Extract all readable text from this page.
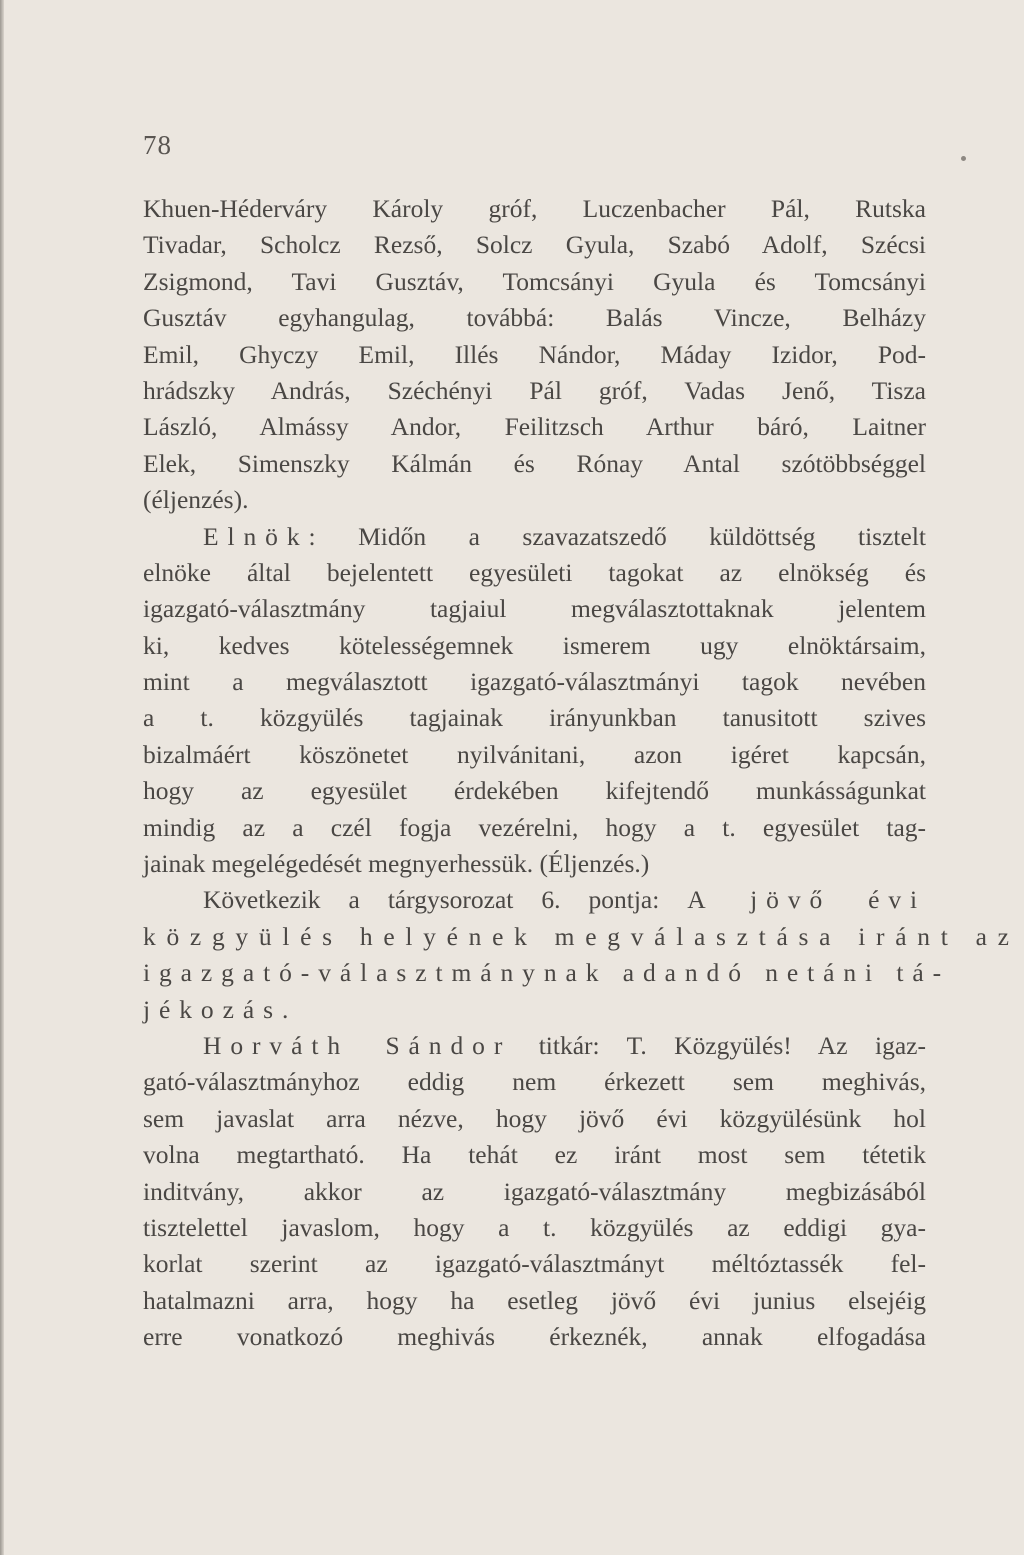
78
Khuen-Héderváry Károly gróf, Luczenbacher Pál, Rutska
Tivadar, Scholcz Rezső, Solcz Gyula, Szabó Adolf, Szécsi
Zsigmond, Tavi Gusztáv, Tomcsányi Gyula és Tomcsányi
Gusztáv egyhangulag, továbbá: Balás Vincze, Belházy
Emil, Ghyczy Emil, Illés Nándor, Máday Izidor, Pod-
hrádszky András, Széchényi Pál gróf, Vadas Jenő, Tisza
László, Almássy Andor, Feilitzsch Arthur báró, Laitner
Elek, Simenszky Kálmán és Rónay Antal szótöbbséggel
(éljenzés).
Elnök: Midőn a szavazatszedő küldöttség tisztelt
elnöke által bejelentett egyesületi tagokat az elnökség és
igazgató-választmány tagjaiul megválasztottaknak jelentem
ki, kedves kötelességemnek ismerem ugy elnöktársaim,
mint a megválasztott igazgató-választmányi tagok nevében
a t. közgyülés tagjainak irányunkban tanusitott szives
bizalmáért köszönetet nyilvánitani, azon igéret kapcsán,
hogy az egyesület érdekében kifejtendő munkásságunkat
mindig az a czél fogja vezérelni, hogy a t. egyesület tag-
jainak megelégedését megnyerhessük. (Éljenzés.)
Következik a tárgysorozat 6. pontja: A jövő évi
közgyülés helyének megválasztása iránt az
igazgató-választmánynak adandó netáni tá-
jékozás.
Horváth Sándor titkár: T. Közgyülés! Az igaz-
gató-választmányhoz eddig nem érkezett sem meghivás,
sem javaslat arra nézve, hogy jövő évi közgyülésünk hol
volna megtartható. Ha tehát ez iránt most sem tétetik
inditvány, akkor az igazgató-választmány megbizásából
tisztelettel javaslom, hogy a t. közgyülés az eddigi gya-
korlat szerint az igazgató-választmányt méltóztassék fel-
hatalmazni arra, hogy ha esetleg jövő évi junius elsejéig
erre vonatkozó meghivás érkeznék, annak elfogadása
